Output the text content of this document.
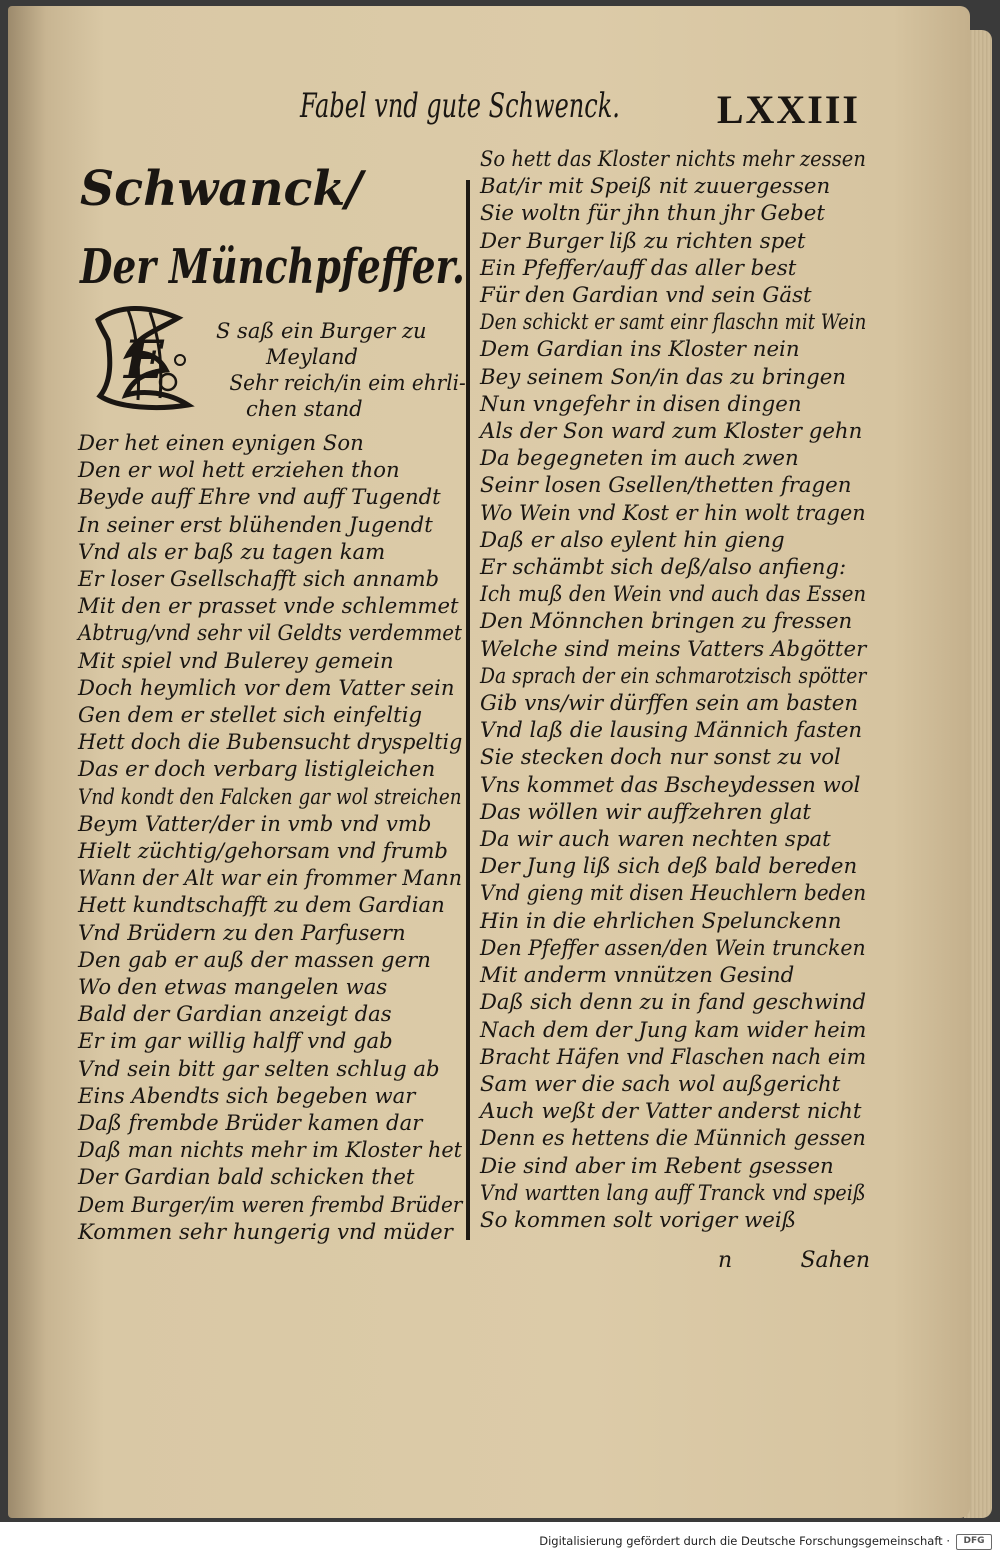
Fabel vnd gute Schwenck. LXXIII
Schwanck/
Der Münchpfeffer.
E S saß ein Burger zu
Meyland
Sehr reich/in eim ehrli-
chen stand
Der het einen eynigen Son
Den er wol hett erziehen thon
Beyde auff Ehre vnd auff Tugendt
In seiner erst blühenden Jugendt
Vnd als er baß zu tagen kam
Er loser Gsellschafft sich annamb
Mit den er prasset vnde schlemmet
Abtrug/vnd sehr vil Geldts verdemmet
Mit spiel vnd Bulerey gemein
Doch heymlich vor dem Vatter sein
Gen dem er stellet sich einfeltig
Hett doch die Bubensucht dryspeltig
Das er doch verbarg listigleichen
Vnd kondt den Falcken gar wol streichen
Beym Vatter/der in vmb vnd vmb
Hielt züchtig/gehorsam vnd frumb
Wann der Alt war ein frommer Mann
Hett kundtschafft zu dem Gardian
Vnd Brüdern zu den Parfusern
Den gab er auß der massen gern
Wo den etwas mangelen was
Bald der Gardian anzeigt das
Er im gar willig halff vnd gab
Vnd sein bitt gar selten schlug ab
Eins Abendts sich begeben war
Daß frembde Brüder kamen dar
Daß man nichts mehr im Kloster het
Der Gardian bald schicken thet
Dem Burger/im weren frembd Brüder
Kommen sehr hungerig vnd müder
So hett das Kloster nichts mehr zessen
Bat/ir mit Speiß nit zuuergessen
Sie woltn für jhn thun jhr Gebet
Der Burger liß zu richten spet
Ein Pfeffer/auff das aller best
Für den Gardian vnd sein Gäst
Den schickt er samt einr flaschn mit Wein
Dem Gardian ins Kloster nein
Bey seinem Son/in das zu bringen
Nun vngefehr in disen dingen
Als der Son ward zum Kloster gehn
Da begegneten im auch zwen
Seinr losen Gsellen/thetten fragen
Wo Wein vnd Kost er hin wolt tragen
Daß er also eylent hin gieng
Er schämbt sich deß/also anfieng:
Ich muß den Wein vnd auch das Essen
Den Mönnchen bringen zu fressen
Welche sind meins Vatters Abgötter
Da sprach der ein schmarotzisch spötter
Gib vns/wir dürffen sein am basten
Vnd laß die lausing Männich fasten
Sie stecken doch nur sonst zu vol
Vns kommet das Bscheydessen wol
Das wöllen wir auffzehren glat
Da wir auch waren nechten spat
Der Jung liß sich deß bald bereden
Vnd gieng mit disen Heuchlern beden
Hin in die ehrlichen Spelunckenn
Den Pfeffer assen/den Wein truncken
Mit anderm vnnützen Gesind
Daß sich denn zu in fand geschwind
Nach dem der Jung kam wider heim
Bracht Häfen vnd Flaschen nach eim
Sam wer die sach wol außgericht
Auch weßt der Vatter anderst nicht
Denn es hettens die Münnich gessen
Die sind aber im Rebent gsessen
Vnd wartten lang auff Tranck vnd speiß
So kommen solt voriger weiß
n	Sahen
Digitalisierung gefördert durch die Deutsche Forschungsgemeinschaft ·	DFG
